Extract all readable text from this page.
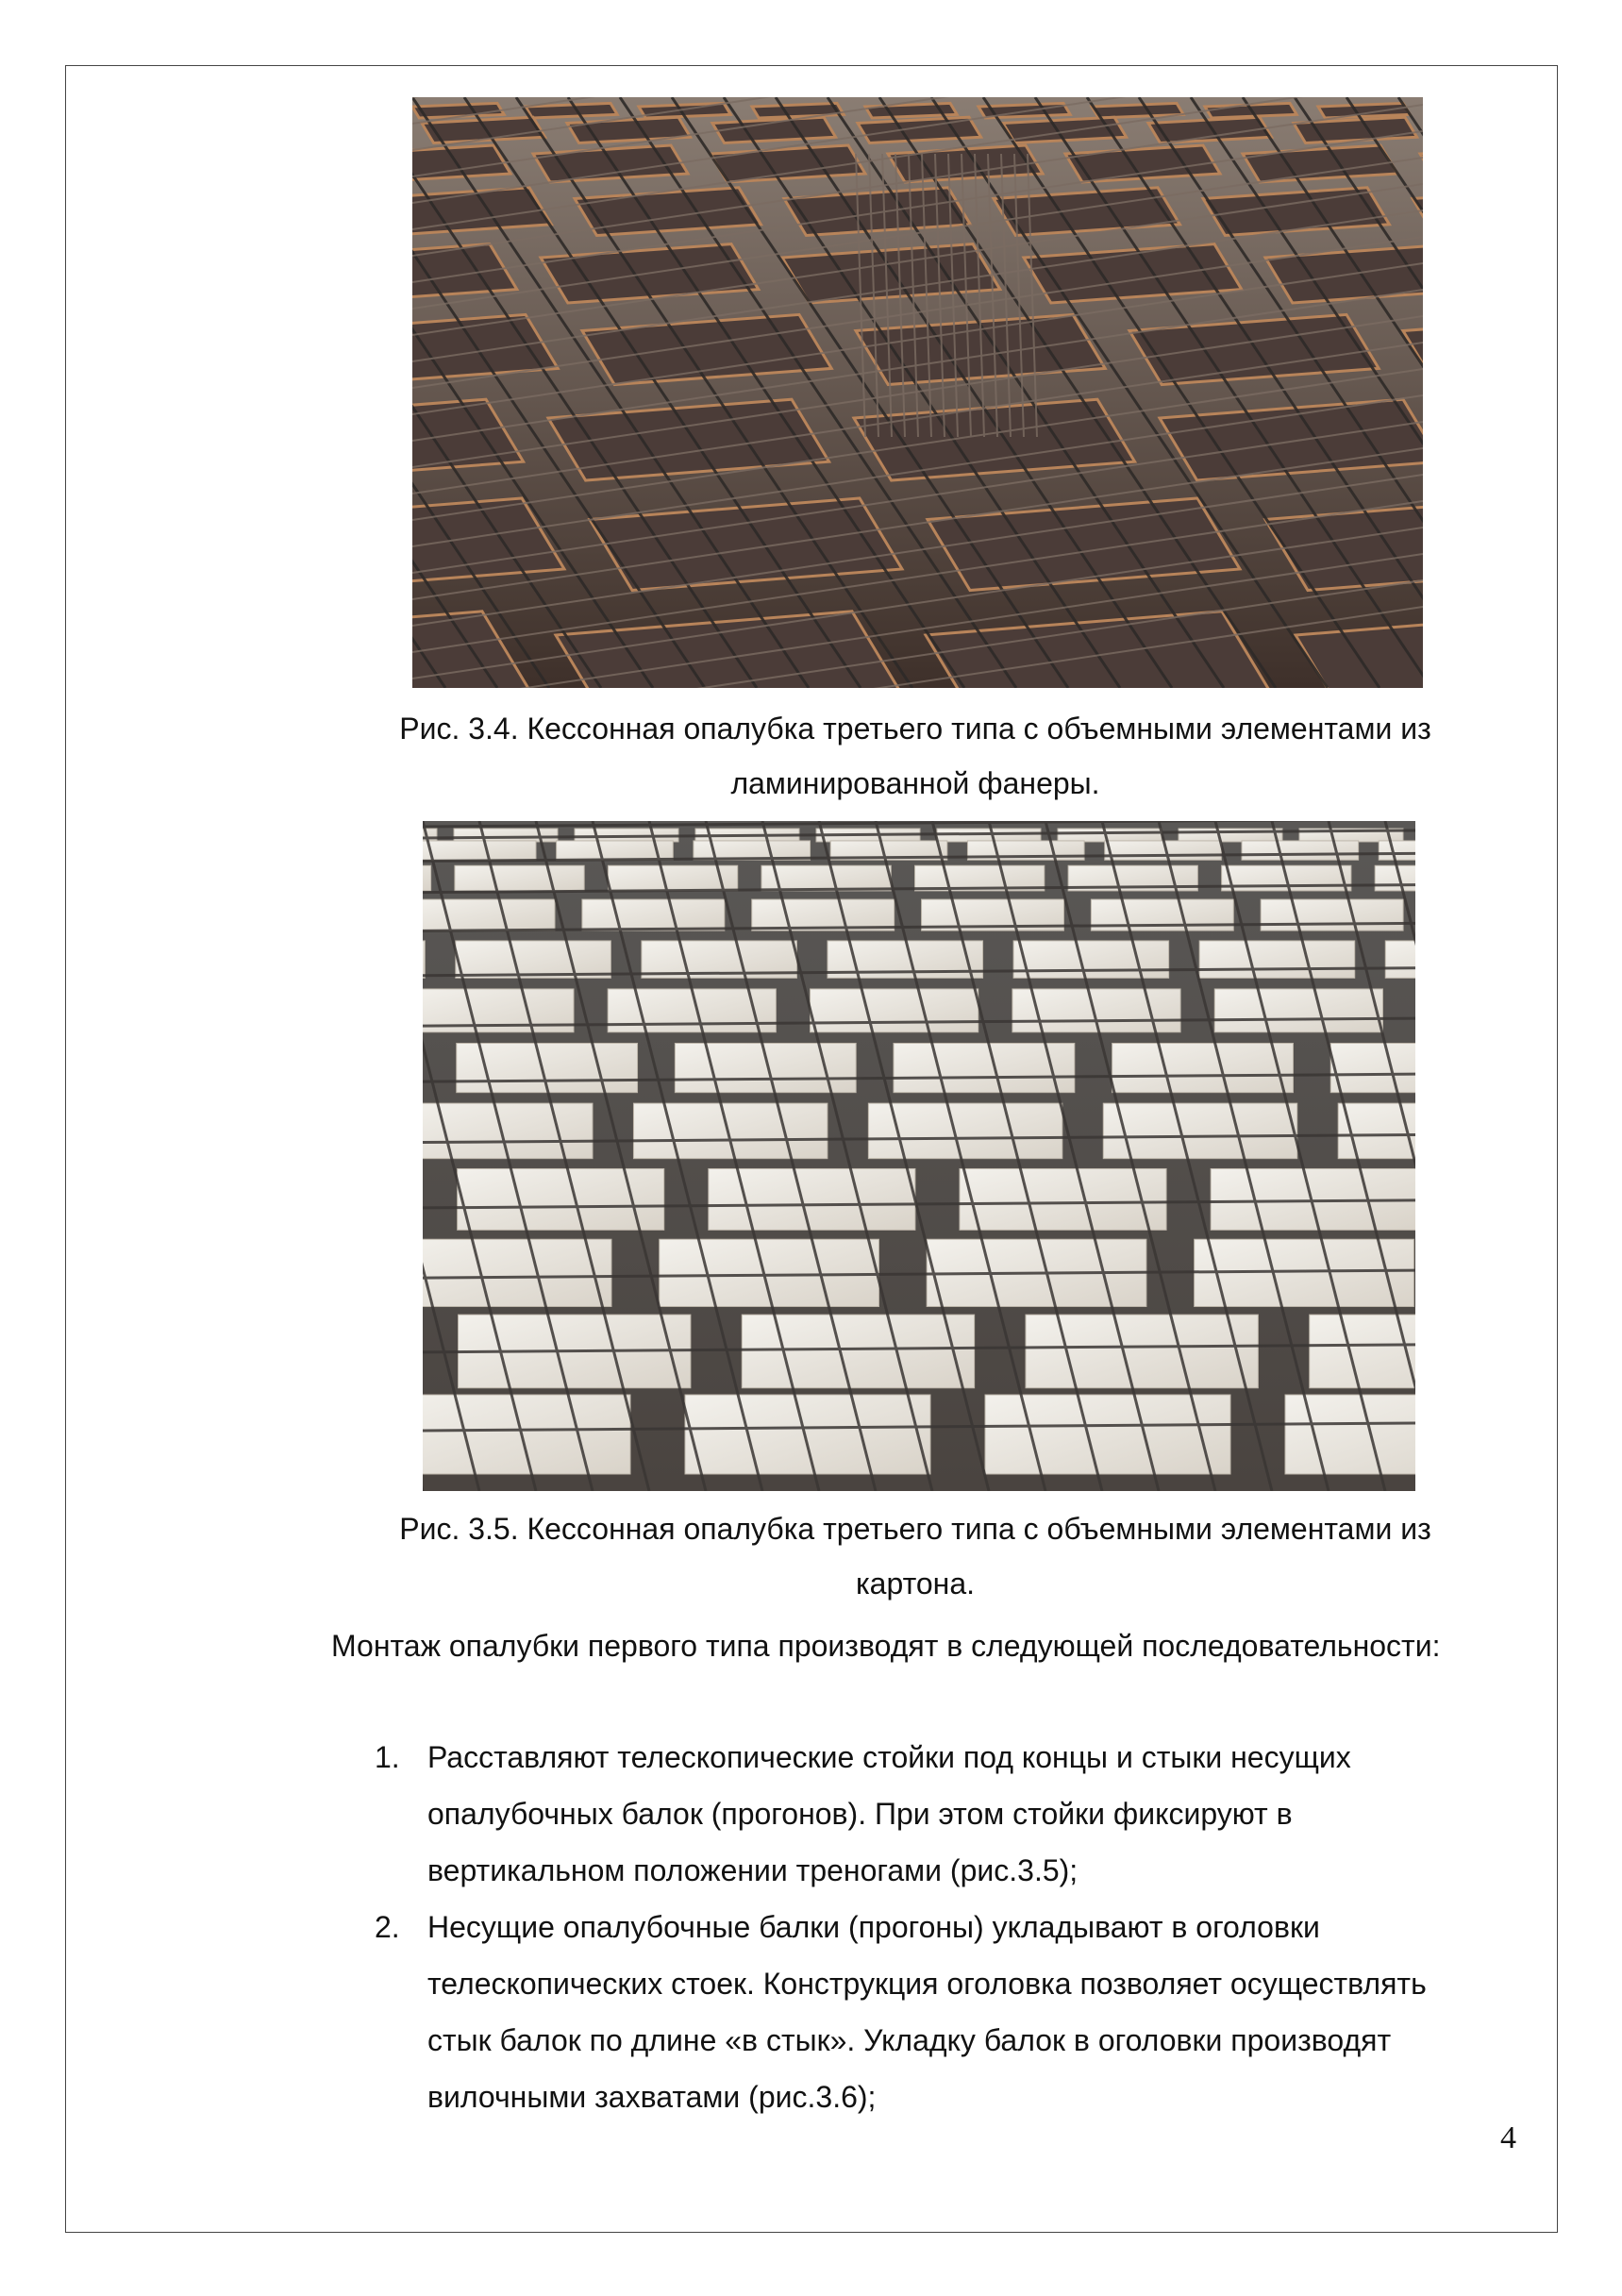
Рис. 3.4. Кессонная опалубка третьего типа с объемными элементами из ламинированной фанеры.
Рис. 3.5. Кессонная опалубка третьего типа с объемными элементами из картона.

Монтаж опалубки первого типа производят в следующей последовательности:

1. Расставляют телескопические стойки под концы и стыки несущих опалубочных балок (прогонов). При этом стойки фиксируют в вертикальном положении треногами (рис.3.5);
2. Несущие опалубочные балки (прогоны) укладывают в оголовки телескопических стоек. Конструкция оголовка позволяет осуществлять стык балок по длине «в стык». Укладку балок в оголовки производят вилочными захватами (рис.3.6);
4
